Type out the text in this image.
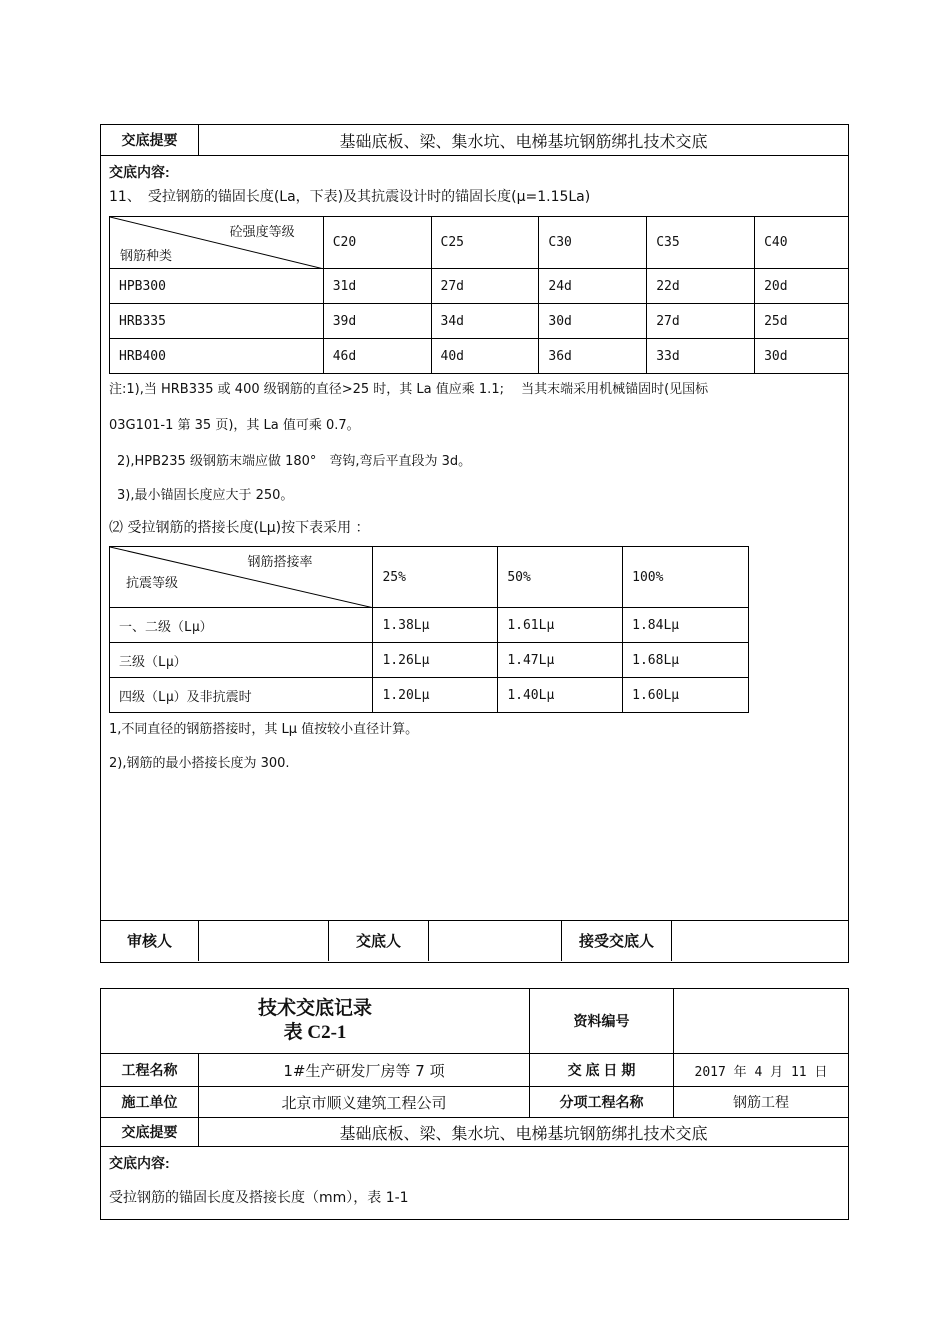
交底提要	基础底板、梁、集水坑、电梯基坑钢筋绑扎技术交底
交底内容:
11、　受拉钢筋的锚固长度(La，下表)及其抗震设计时的锚固长度(μ=1.15La)
砼强度等级
钢筋种类	C20	C25	C30	C35	C40
HPB300	31d	27d	24d	22d	20d
HRB335	39d	34d	30d	27d	25d
HRB400	46d	40d	36d	33d	30d
注:1),当 HRB335 或 400 级钢筋的直径>25 时，其 La 值应乘 1.1;　 当其末端采用机械锚固时(见国标
03G101-1 第 35 页)，其 La 值可乘 0.7。
2),HPB235 级钢筋末端应做 180°　弯钩,弯后平直段为 3d。
3),最小锚固长度应大于 250。
⑵ 受拉钢筋的搭接长度(Lμ)按下表采用 ：
钢筋搭接率
抗震等级	25%	50%	100%
一、二级（Lμ）	1.38Lμ	1.61Lμ	1.84Lμ
三级（Lμ）	1.26Lμ	1.47Lμ	1.68Lμ
四级（Lμ）及非抗震时	1.20Lμ	1.40Lμ	1.60Lμ
1,不同直径的钢筋搭接时，其 Lμ 值按较小直径计算。
2),钢筋的最小搭接长度为 300.
审核人	交底人	接受交底人
技术交底记录
表 C2-1
资料编号
工程名称	1#生产研发厂房等 7 项	交 底 日 期	2017 年 4 月 11 日
施工单位	北京市顺义建筑工程公司	分项工程名称	钢筋工程
交底提要	基础底板、梁、集水坑、电梯基坑钢筋绑扎技术交底
交底内容:
受拉钢筋的锚固长度及搭接长度（mm），表 1-1
